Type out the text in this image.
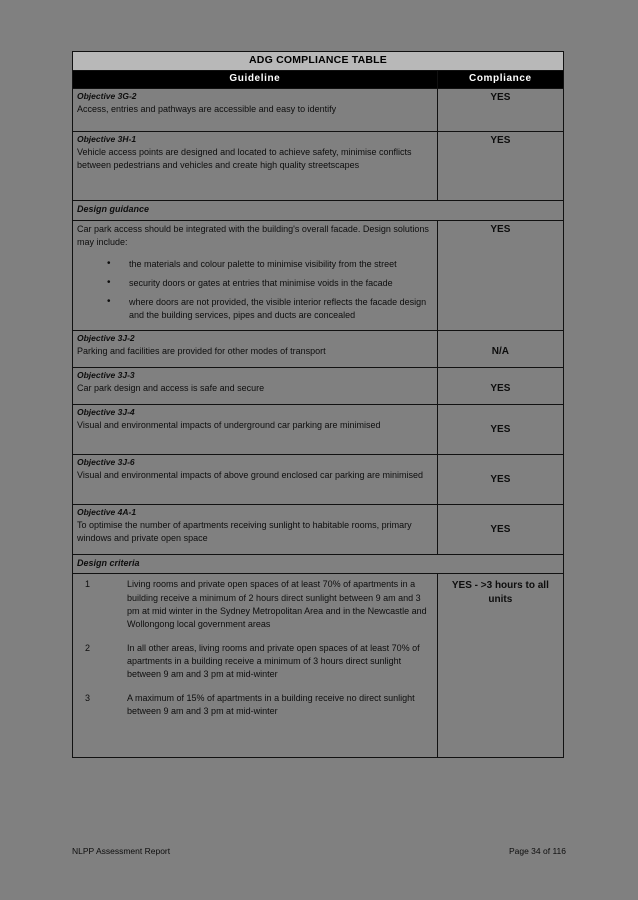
ADG COMPLIANCE TABLE
Guideline	Compliance

Objective 3G-2

Access, entries and pathways are accessible and easy to identify

	YES

Objective 3H-1

Vehicle access points are designed and located to achieve safety, minimise conflicts between pedestrians and vehicles and create high quality streetscapes

	YES

Design guidance

Car park access should be integrated with the building's overall facade. Design solutions may include:

• the materials and colour palette to minimise visibility from the street
• security doors or gates at entries that minimise voids in the facade
• where doors are not provided, the visible interior reflects the facade design and the building services, pipes and ducts are concealed
	YES

Objective 3J-2

Parking and facilities are provided for other modes of transport	N/A

Objective 3J-3

Car park design and access is safe and secure	YES

Objective 3J-4

Visual and environmental impacts of underground car parking are minimised	YES

Objective 3J-6

Visual and environmental impacts of above ground enclosed car parking are minimised	YES

Objective 4A-1

To optimise the number of apartments receiving sunlight to habitable rooms, primary windows and private open space

	YES

Design criteria

1	Living rooms and private open spaces of at least 70% of apartments in a building receive a minimum of 2 hours direct sunlight between 9 am and 3 pm at mid winter in the Sydney Metropolitan Area and in the Newcastle and Wollongong local government areas
2	In all other areas, living rooms and private open spaces of at least 70% of apartments in a building receive a minimum of 3 hours direct sunlight between 9 am and 3 pm at mid-winter
3	A maximum of 15% of apartments in a building receive no direct sunlight between 9 am and 3 pm at mid-winter
	YES - >3 hours to all units
NLPP Assessment Report	Page 34 of 116
